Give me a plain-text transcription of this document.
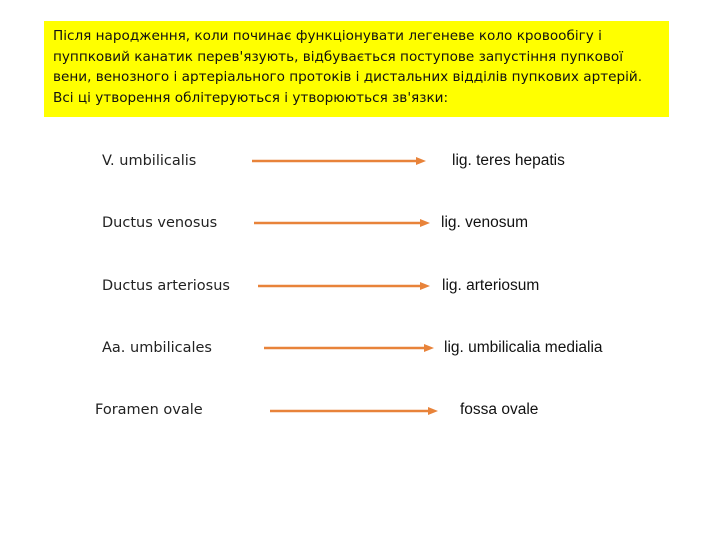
Після народження, коли починає функціонувати легеневе коло кровообігу і пуппковий канатик перев'язують, відбувається поступове запустіння пупкової вени, венозного і артеріального протоків і дистальних відділів пупкових артерій. Всі ці утворення облітеруються і утворюються зв'язки:
V. umbilicalis	lig. teres hepatis
Ductus venosus	lig. venosum
Ductus arteriosus	lig. arteriosum
Aa. umbilicales	lig. umbilicalia medialia
Foramen ovale	fossa ovale
